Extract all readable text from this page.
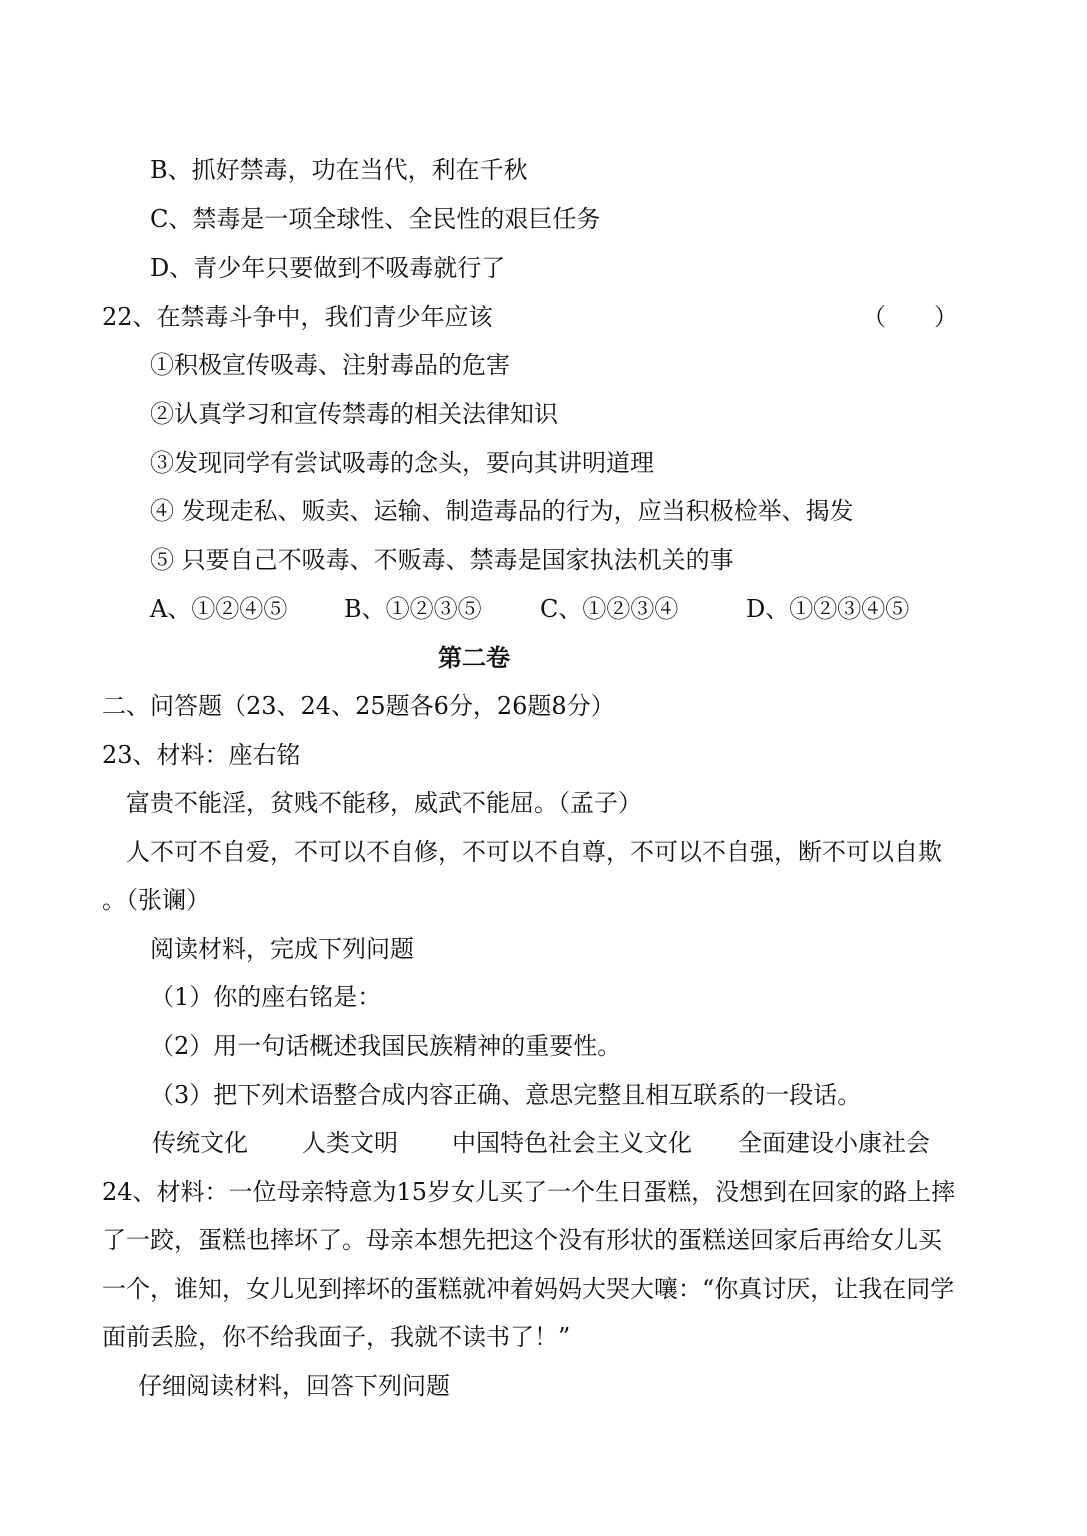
B、抓好禁毒，功在当代，利在千秋
C、禁毒是一项全球性、全民性的艰巨任务
D、青少年只要做到不吸毒就行了
22、在禁毒斗争中，我们青少年应该	（　　）
①积极宣传吸毒、注射毒品的危害
②认真学习和宣传禁毒的相关法律知识
③发现同学有尝试吸毒的念头，要向其讲明道理
④ 发现走私、贩卖、运输、制造毒品的行为，应当积极检举、揭发
⑤ 只要自己不吸毒、不贩毒、禁毒是国家执法机关的事
A、①②④⑤ B、①②③⑤ C、①②③④	D、①②③④⑤
第二卷
二、问答题（23、24、25题各6分，26题8分）
23、材料：座右铭
富贵不能淫，贫贱不能移，威武不能屈。（孟子）
人不可不自爱，不可以不自修，不可以不自尊，不可以不自强，断不可以自欺
。（张谰）
阅读材料，完成下列问题
（1）你的座右铭是：
（2）用一句话概述我国民族精神的重要性。
（3）把下列术语整合成内容正确、意思完整且相互联系的一段话。
传统文化 人类文明 中国特色社会主义文化 全面建设小康社会
24、材料：一位母亲特意为15岁女儿买了一个生日蛋糕，没想到在回家的路上摔
了一跤，蛋糕也摔坏了。母亲本想先把这个没有形状的蛋糕送回家后再给女儿买
一个，谁知，女儿见到摔坏的蛋糕就冲着妈妈大哭大嚷：“你真讨厌，让我在同学
面前丢脸，你不给我面子，我就不读书了！”
仔细阅读材料，回答下列问题
